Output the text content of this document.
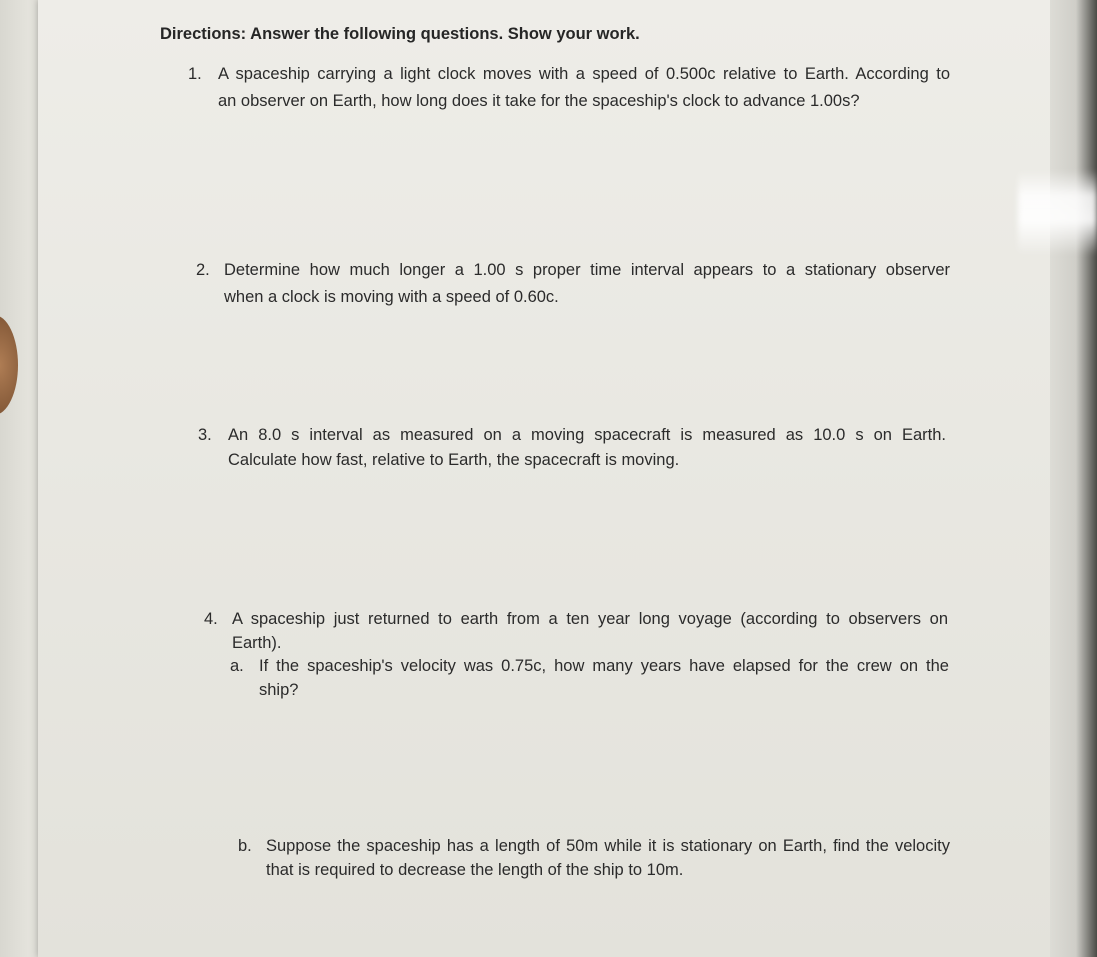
Directions: Answer the following questions. Show your work.
1. A spaceship carrying a light clock moves with a speed of 0.500c relative to Earth. According to
an observer on Earth, how long does it take for the spaceship's clock to advance 1.00s?
2. Determine how much longer a 1.00 s proper time interval appears to a stationary observer
when a clock is moving with a speed of 0.60c.
3. An 8.0 s interval as measured on a moving spacecraft is measured as 10.0 s on Earth.
Calculate how fast, relative to Earth, the spacecraft is moving.
4. A spaceship just returned to earth from a ten year long voyage (according to observers on
Earth).
a. If the spaceship's velocity was 0.75c, how many years have elapsed for the crew on the
ship?
b. Suppose the spaceship has a length of 50m while it is stationary on Earth, find the velocity
that is required to decrease the length of the ship to 10m.
